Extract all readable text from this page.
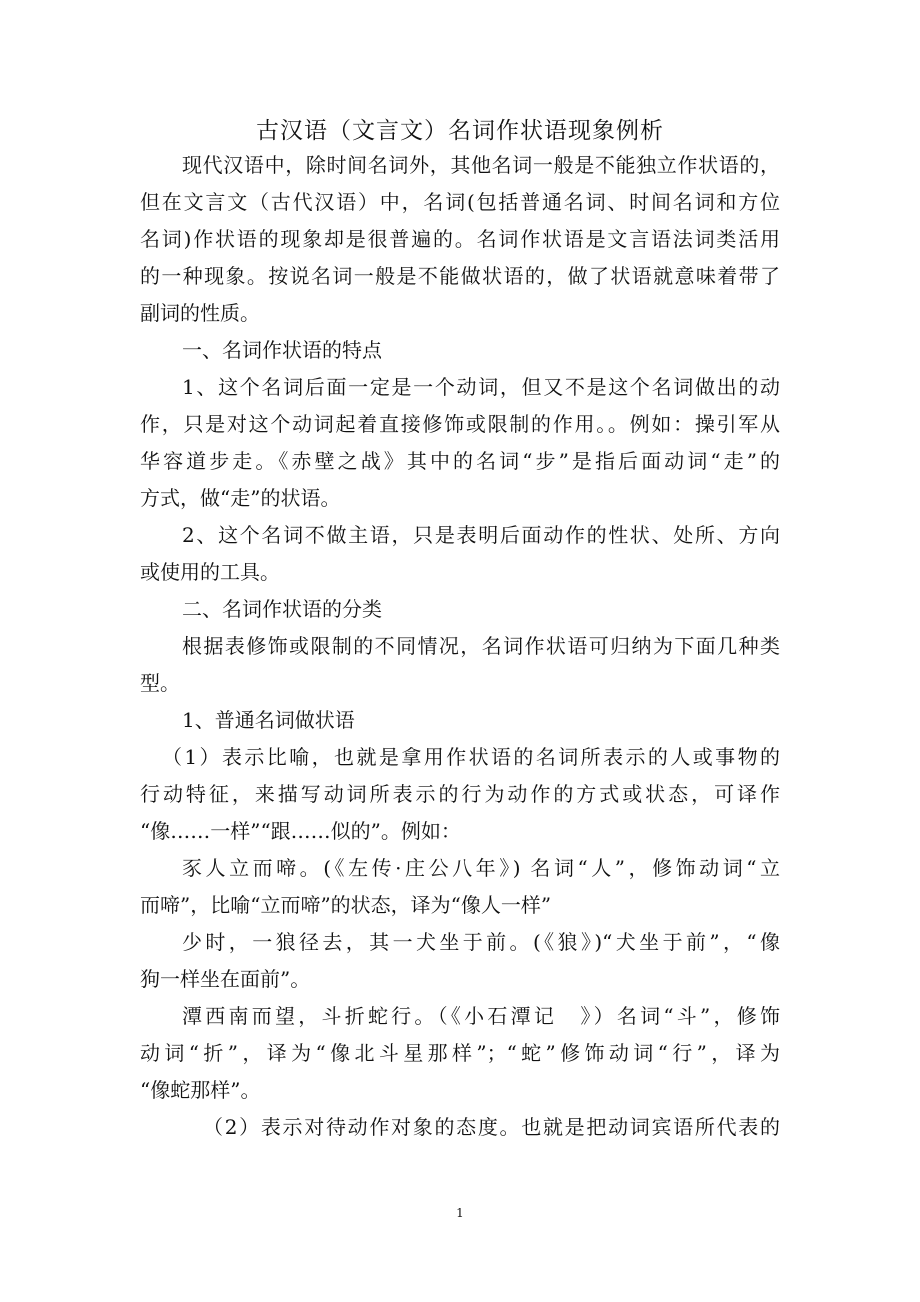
古汉语（文言文）名词作状语现象例析
现代汉语中，除时间名词外，其他名词一般是不能独立作状语的，
但在文言文（古代汉语）中，名词(包括普通名词、时间名词和方位
名词)作状语的现象却是很普遍的。名词作状语是文言语法词类活用
的一种现象。按说名词一般是不能做状语的，做了状语就意味着带了
副词的性质。
一、名词作状语的特点
1、这个名词后面一定是一个动词，但又不是这个名词做出的动
作，只是对这个动词起着直接修饰或限制的作用。。例如：操引军从
华容道步走。《赤壁之战》其中的名词“步”是指后面动词“走”的
方式，做“走”的状语。
2、这个名词不做主语，只是表明后面动作的性状、处所、方向
或使用的工具。
二、名词作状语的分类
根据表修饰或限制的不同情况，名词作状语可归纳为下面几种类
型。
1、普通名词做状语
（1）表示比喻，也就是拿用作状语的名词所表示的人或事物的
行动特征，来描写动词所表示的行为动作的方式或状态，可译作
“像……一样”“跟……似的”。例如：
豕人立而啼。(《左传·庄公八年》) 名词“人”，修饰动词“立
而啼”，比喻“立而啼”的状态，译为“像人一样”
少时，一狼径去，其一犬坐于前。(《狼》)“犬坐于前”，“像
狗一样坐在面前”。
潭西南而望，斗折蛇行。（《小石潭记　》）名词“斗”，修饰
动词“折”，译为“像北斗星那样”；“蛇”修饰动词“行”，译为
“像蛇那样”。
（2）表示对待动作对象的态度。也就是把动词宾语所代表的
1
